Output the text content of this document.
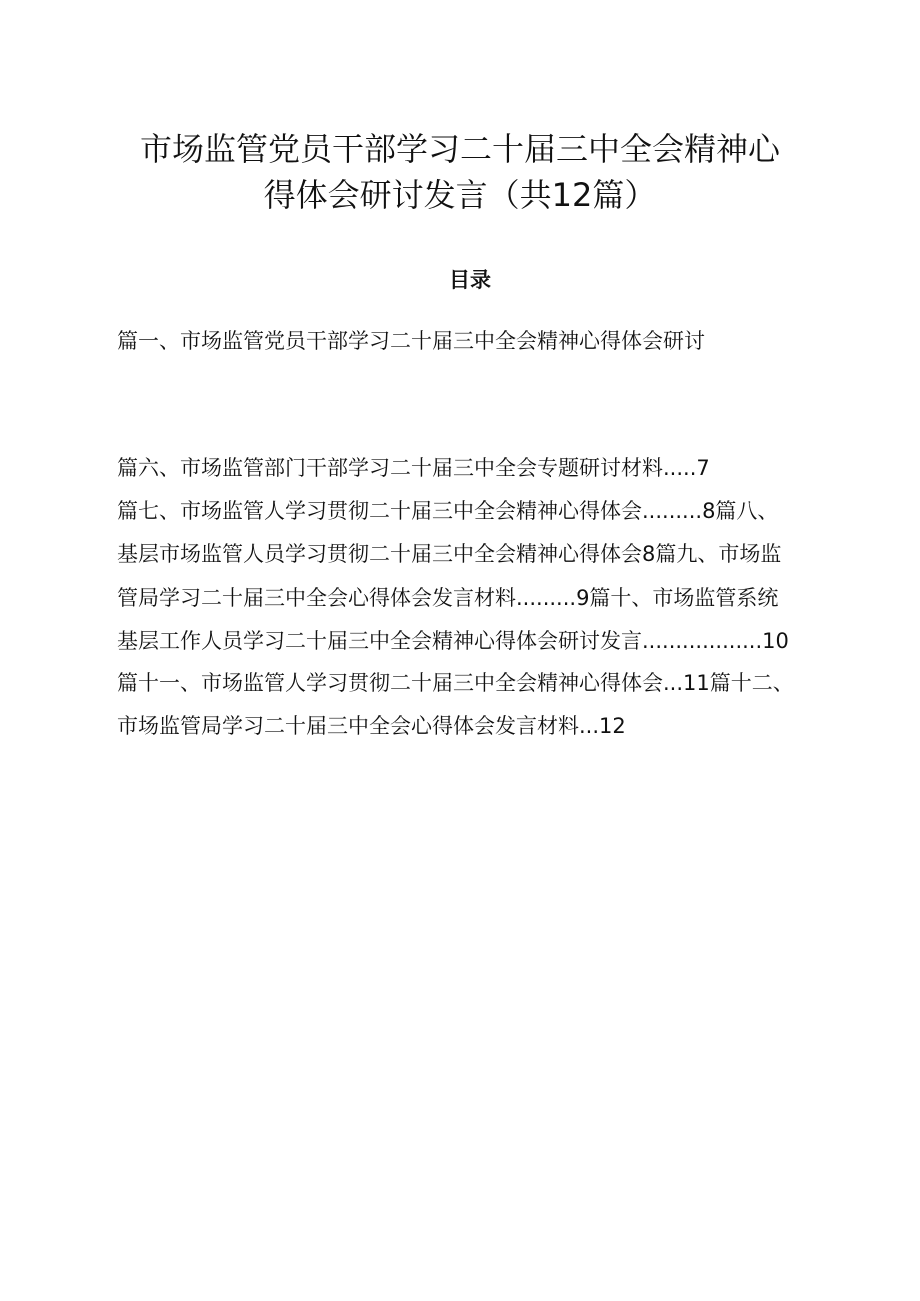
市场监管党员干部学习二十届三中全会精神心
得体会研讨发言（共12篇）
目录

篇一、市场监管党员干部学习二十届三中全会精神心得体会研讨

篇六、市场监管部门干部学习二十届三中全会专题研讨材料.....7

篇七、市场监管人学习贯彻二十届三中全会精神心得体会.........8篇八、

基层市场监管人员学习贯彻二十届三中全会精神心得体会8篇九、市场监

管局学习二十届三中全会心得体会发言材料.........9篇十、市场监管系统

基层工作人员学习二十届三中全会精神心得体会研讨发言..................10

篇十一、市场监管人学习贯彻二十届三中全会精神心得体会...11篇十二、

市场监管局学习二十届三中全会心得体会发言材料...12
